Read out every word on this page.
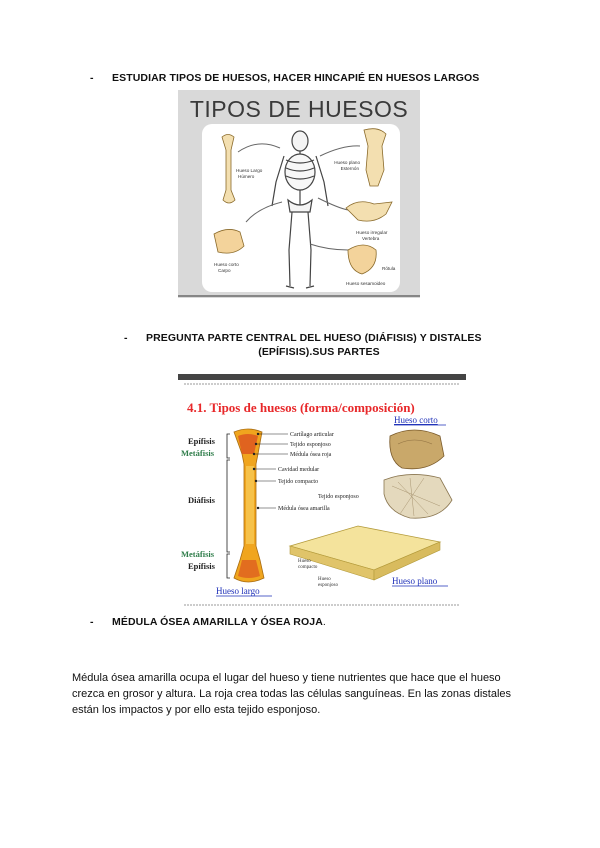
- ESTUDIAR TIPOS DE HUESOS, HACER HINCAPIÉ EN HUESOS LARGOS
TIPOS DE HUESOS
Hueso Largo
Húmero
Hueso plano
Esternón
Hueso irregular
Vertebra
Hueso corto
Carpo	Rótula
Hueso sesamoideo
- PREGUNTA PARTE CENTRAL DEL HUESO (DIÁFISIS) Y DISTALES
(EPÍFISIS).SUS PARTES
4.1. Tipos de huesos (forma/composición)
Epífisis
Metáfisis
Diáfisis
Metáfisis
Epífisis
Cartílago articular
Tejido esponjoso
Médula ósea roja
Cavidad medular
Tejido compacto
Tejido esponjoso
Médula ósea amarilla
Hueso corto
Hueso
compacto
Hueso
esponjoso	Hueso plano
Hueso largo
- MÉDULA ÓSEA AMARILLA Y ÓSEA ROJA.
Médula ósea amarilla ocupa el lugar del hueso y tiene nutrientes que hace que el hueso
crezca en grosor y altura. La roja crea todas las células sanguíneas. En las zonas distales
están los impactos y por ello esta tejido esponjoso.
